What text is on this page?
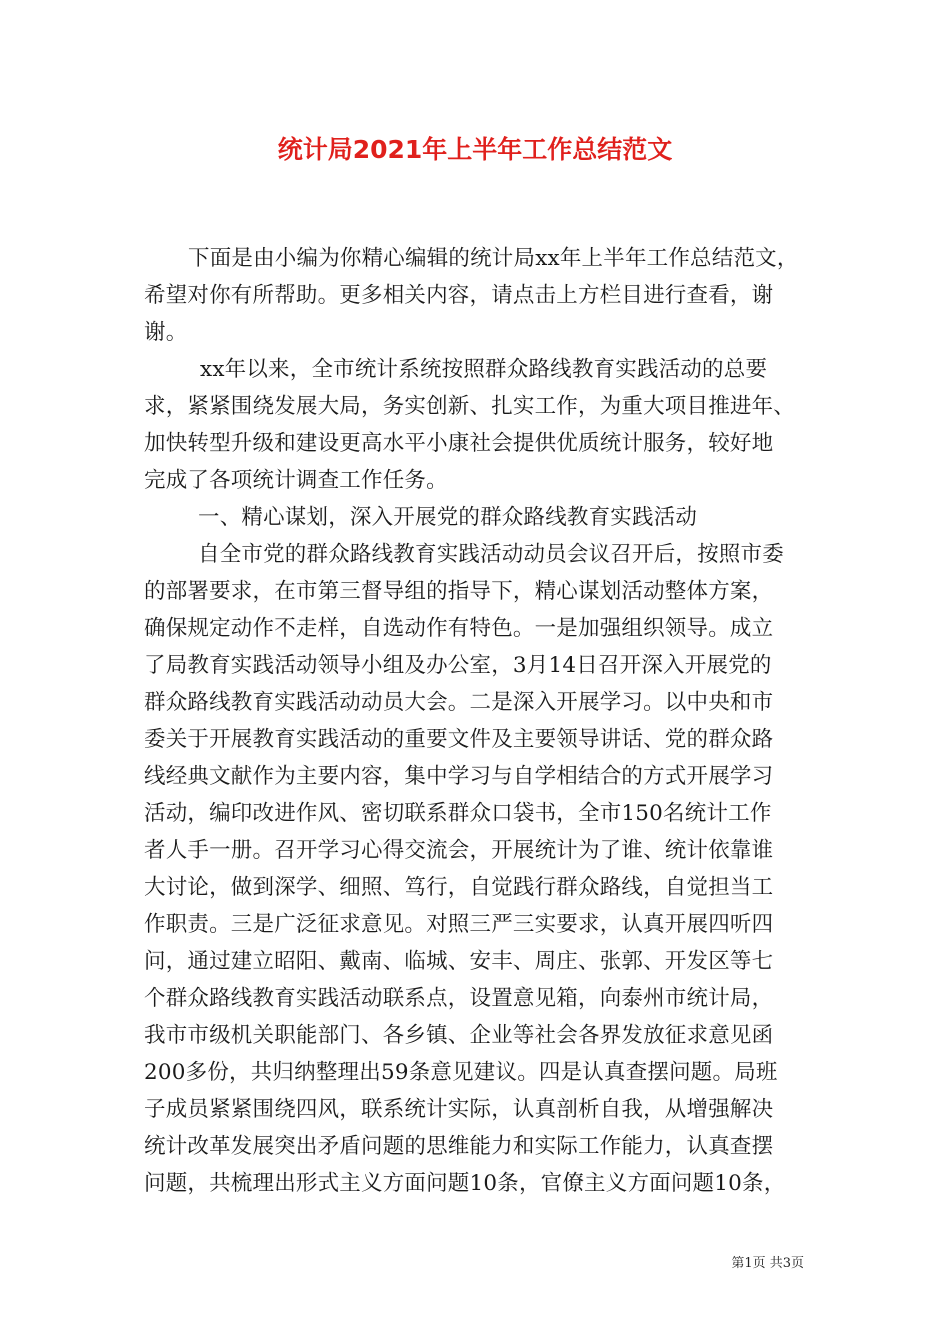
统计局2021年上半年工作总结范文
下面是由小编为你精心编辑的统计局xx年上半年工作总结范文，
希望对你有所帮助。更多相关内容，请点击上方栏目进行查看，谢
谢。
xx年以来，全市统计系统按照群众路线教育实践活动的总要
求，紧紧围绕发展大局，务实创新、扎实工作，为重大项目推进年、
加快转型升级和建设更高水平小康社会提供优质统计服务，较好地
完成了各项统计调查工作任务。
一、精心谋划，深入开展党的群众路线教育实践活动
自全市党的群众路线教育实践活动动员会议召开后，按照市委
的部署要求，在市第三督导组的指导下，精心谋划活动整体方案，
确保规定动作不走样，自选动作有特色。一是加强组织领导。成立
了局教育实践活动领导小组及办公室，3月14日召开深入开展党的
群众路线教育实践活动动员大会。二是深入开展学习。以中央和市
委关于开展教育实践活动的重要文件及主要领导讲话、党的群众路
线经典文献作为主要内容，集中学习与自学相结合的方式开展学习
活动，编印改进作风、密切联系群众口袋书，全市150名统计工作
者人手一册。召开学习心得交流会，开展统计为了谁、统计依靠谁
大讨论，做到深学、细照、笃行，自觉践行群众路线，自觉担当工
作职责。三是广泛征求意见。对照三严三实要求，认真开展四听四
问，通过建立昭阳、戴南、临城、安丰、周庄、张郭、开发区等七
个群众路线教育实践活动联系点，设置意见箱，向泰州市统计局，
我市市级机关职能部门、各乡镇、企业等社会各界发放征求意见函
200多份，共归纳整理出59条意见建议。四是认真查摆问题。局班
子成员紧紧围绕四风，联系统计实际，认真剖析自我，从增强解决
统计改革发展突出矛盾问题的思维能力和实际工作能力，认真查摆
问题，共梳理出形式主义方面问题10条，官僚主义方面问题10条，
第1页 共3页
